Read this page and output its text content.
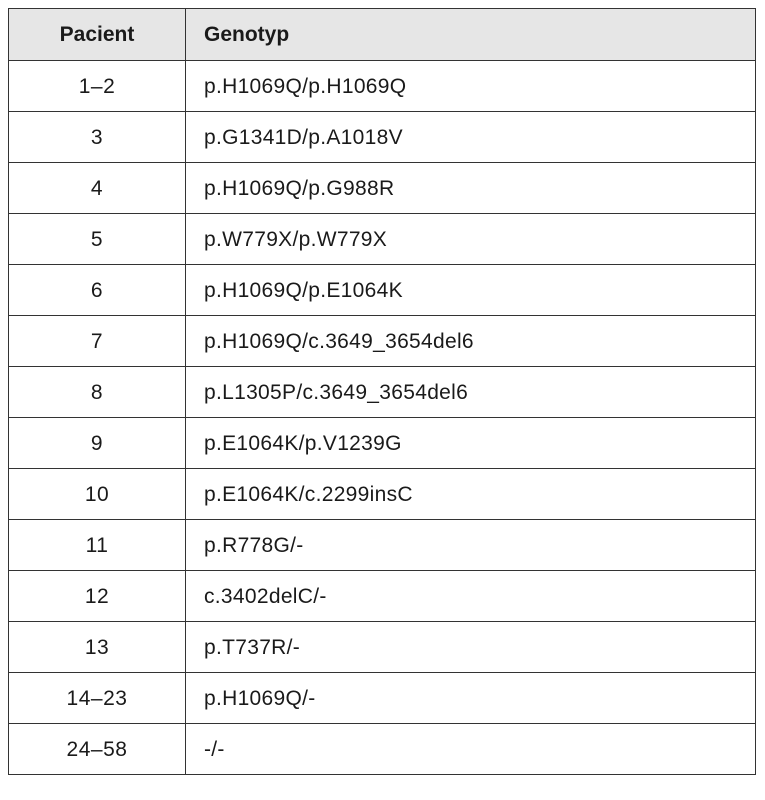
Pacient	Genotyp
1–2	p.H1069Q/p.H1069Q
3	p.G1341D/p.A1018V
4	p.H1069Q/p.G988R
5	p.W779X/p.W779X
6	p.H1069Q/p.E1064K
7	p.H1069Q/c.3649_3654del6
8	p.L1305P/c.3649_3654del6
9	p.E1064K/p.V1239G
10	p.E1064K/c.2299insC
11	p.R778G/-
12	c.3402delC/-
13	p.T737R/-
14–23	p.H1069Q/-
24–58	-/-
